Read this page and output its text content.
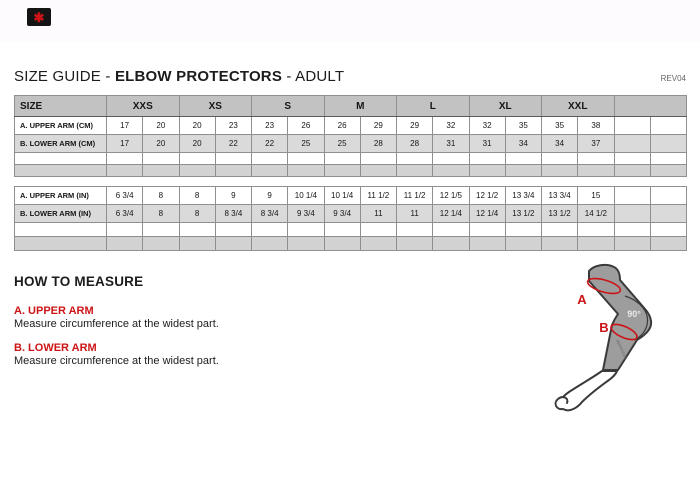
✱
SIZE GUIDE - ELBOW PROTECTORS - ADULT	REV04
SIZE	XXS		XS		S		M		L		XL		XXL			
A. UPPER ARM (CM)	17	20	20	23	23	26	26	29	29	32	32	35	35	38		
B. LOWER ARM (CM)	17	20	20	22	22	25	25	28	28	31	31	34	34	37		

A. UPPER ARM (IN)	6 3/4	8	8	9	9	10 1/4	10 1/4	11 1/2	11 1/2	12 1/5	12 1/2	13 3/4	13 3/4	15		
B. LOWER ARM (IN)	6 3/4	8	8	8 3/4	8 3/4	9 3/4	9 3/4	11	11	12 1/4	12 1/4	13 1/2	13 1/2	14 1/2		

HOW TO MEASURE
A. UPPER ARM
Measure circumference at the widest part.
B. LOWER ARM
Measure circumference at the widest part.
90°
alpinestars
A
B
